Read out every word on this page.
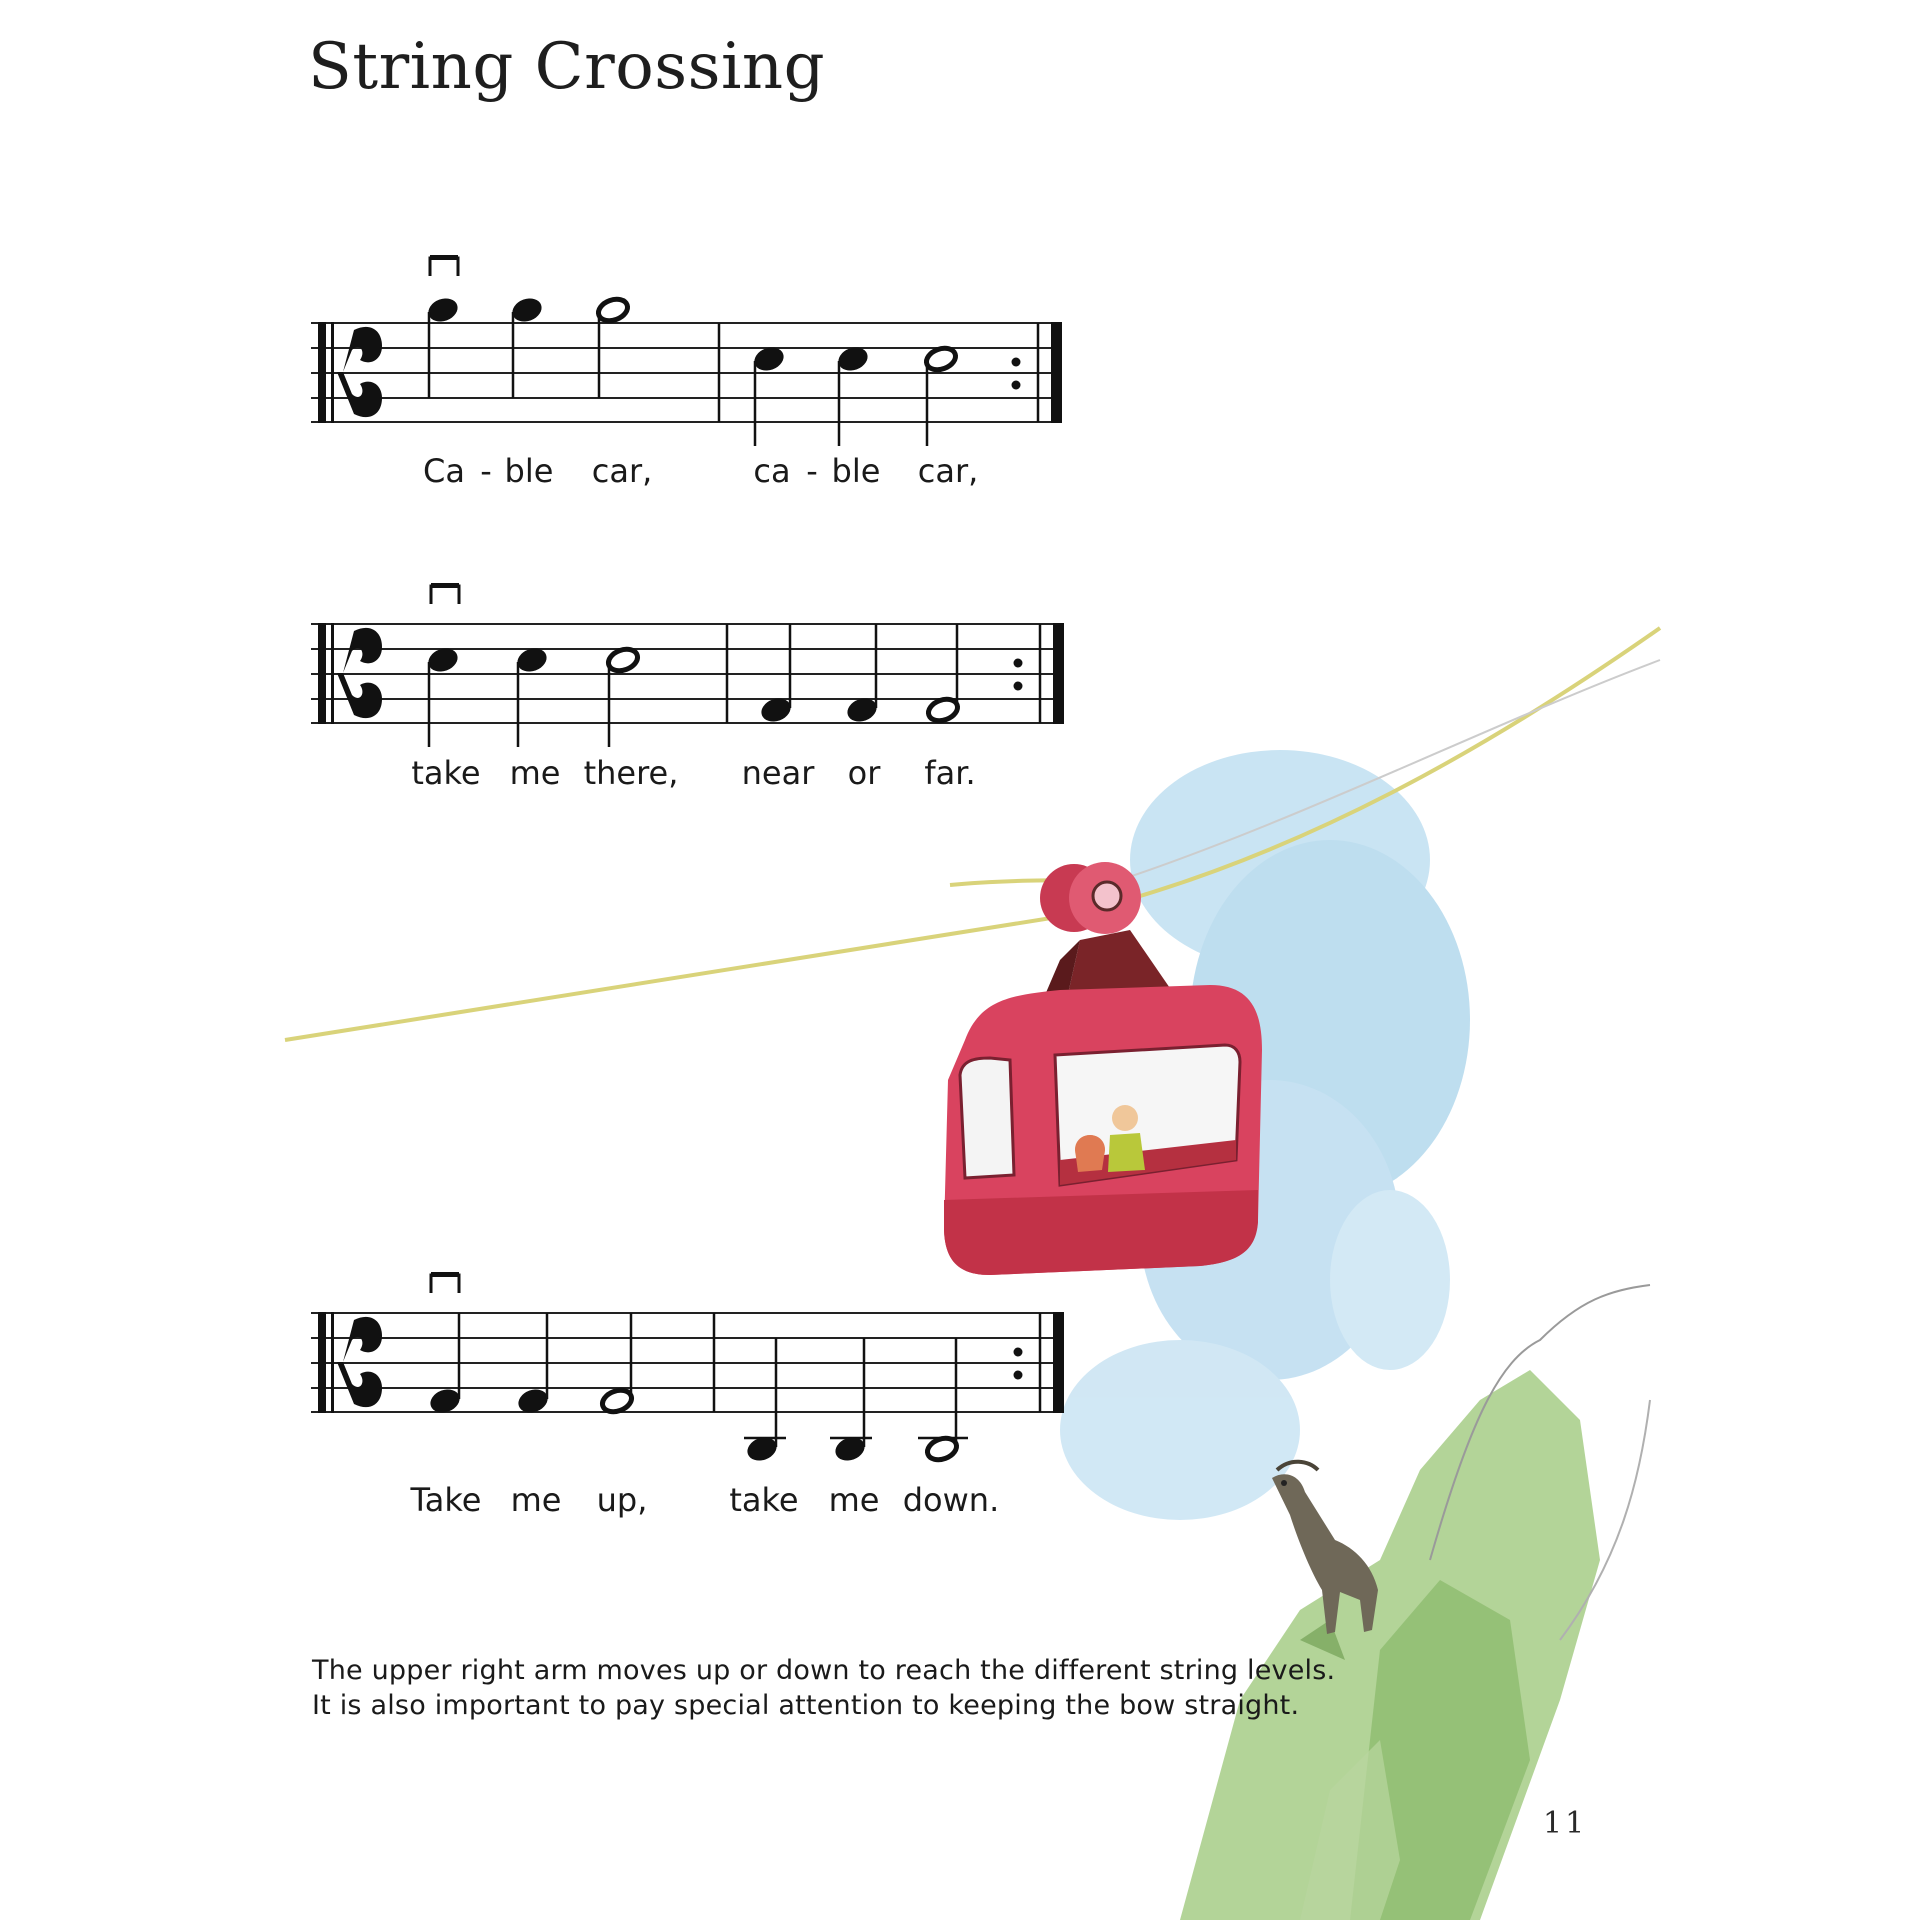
String Crossing
Ca - ble car,	ca - ble car,
take me there, near or far.
Take me up,	take me down.
The upper right arm moves up or down to reach the different string levels.
It is also important to pay special attention to keeping the bow straight.
11
